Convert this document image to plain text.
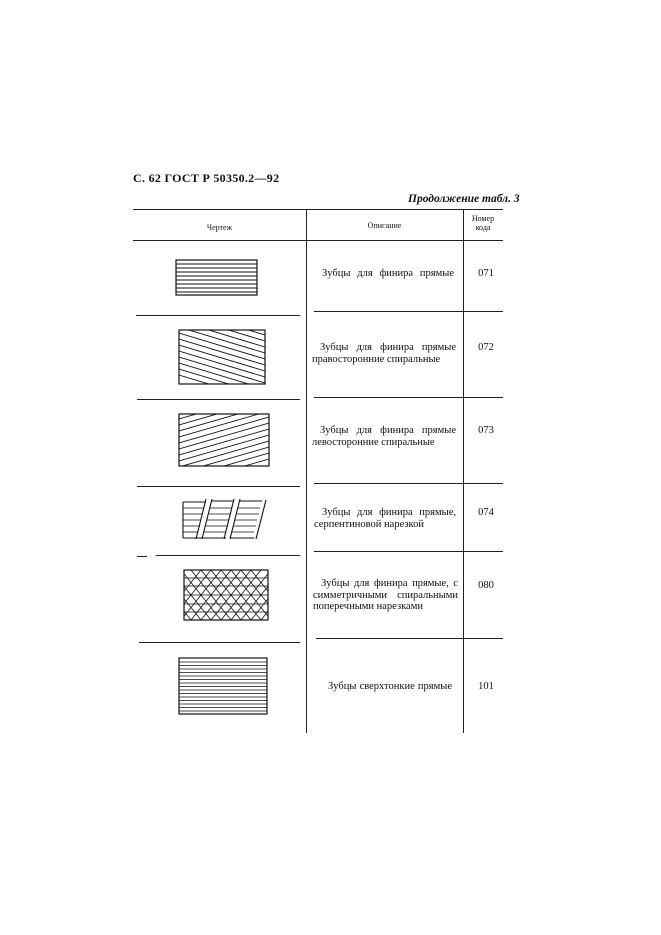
С. 62 ГОСТ Р 50350.2—92
Продолжение табл. 3
Чертеж	Описание
Номер
кода
Зубцы для финира прямые
Зубцы для финира прямые
правосторонние спиральные
Зубцы для финира прямые
левосторонние спиральные
Зубцы для финира прямые,
серпентиновой нарезкой
Зубцы для финира прямые, с
симметричными спиральными
поперечными нарезками
Зубцы сверхтонкие прямые
071
072
073
074
080
101
